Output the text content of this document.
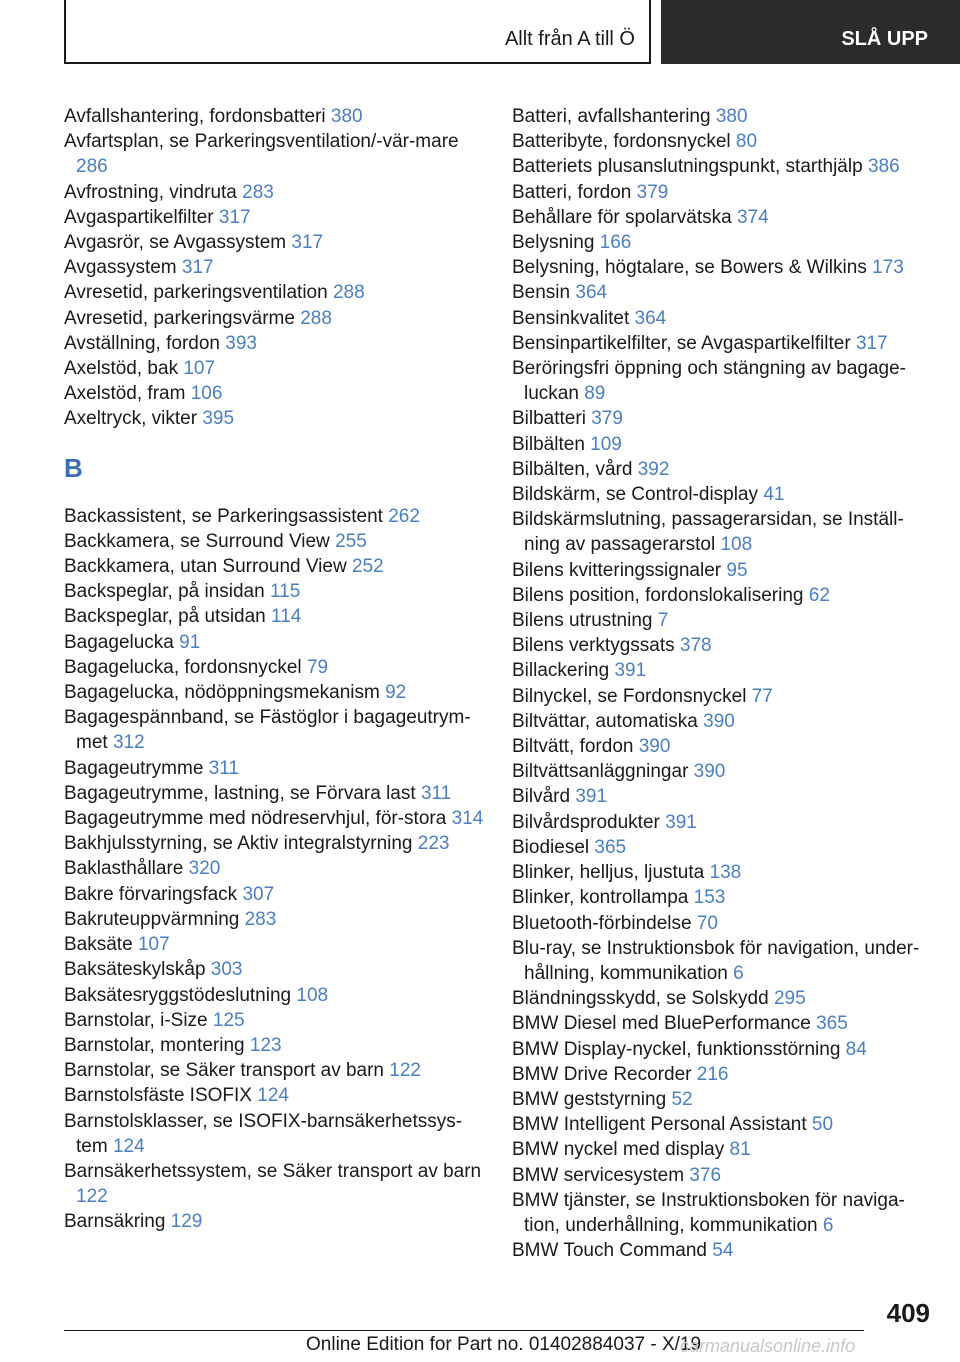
Allt från A till Ö	SLÅ UPP
Avfallshantering, fordonsbatteri 380
Avfartsplan, se Parkeringsventilation/-vär-mare 286
Avfrostning, vindruta 283
Avgaspartikelfilter 317
Avgasrör, se Avgassystem 317
Avgassystem 317
Avresetid, parkeringsventilation 288
Avresetid, parkeringsvärme 288
Avställning, fordon 393
Axelstöd, bak 107
Axelstöd, fram 106
Axeltryck, vikter 395
B
Backassistent, se Parkeringsassistent 262
Backkamera, se Surround View 255
Backkamera, utan Surround View 252
Backspeglar, på insidan 115
Backspeglar, på utsidan 114
Bagagelucka 91
Bagagelucka, fordonsnyckel 79
Bagagelucka, nödöppningsmekanism 92
Bagagespännband, se Fästöglor i bagageutrym-met 312
Bagageutrymme 311
Bagageutrymme, lastning, se Förvara last 311
Bagageutrymme med nödreservhjul, för-stora 314
Bakhjulsstyrning, se Aktiv integralstyrning 223
Baklasthållare 320
Bakre förvaringsfack 307
Bakruteuppvärmning 283
Baksäte 107
Baksäteskylskåp 303
Baksätesryggstödeslutning 108
Barnstolar, i-Size 125
Barnstolar, montering 123
Barnstolar, se Säker transport av barn 122
Barnstolsfäste ISOFIX 124
Barnstolsklasser, se ISOFIX-barnsäkerhetssys-tem 124
Barnsäkerhetssystem, se Säker transport av barn 122
Barnsäkring 129
Batteri, avfallshantering 380
Batteribyte, fordonsnyckel 80
Batteriets plusanslutningspunkt, starthjälp 386
Batteri, fordon 379
Behållare för spolarvätska 374
Belysning 166
Belysning, högtalare, se Bowers & Wilkins 173
Bensin 364
Bensinkvalitet 364
Bensinpartikelfilter, se Avgaspartikelfilter 317
Beröringsfri öppning och stängning av bagage-luckan 89
Bilbatteri 379
Bilbälten 109
Bilbälten, vård 392
Bildskärm, se Control-display 41
Bildskärmslutning, passagerarsidan, se Inställ-ning av passagerarstol 108
Bilens kvitteringssignaler 95
Bilens position, fordonslokalisering 62
Bilens utrustning 7
Bilens verktygssats 378
Billackering 391
Bilnyckel, se Fordonsnyckel 77
Biltvättar, automatiska 390
Biltvätt, fordon 390
Biltvättsanläggningar 390
Bilvård 391
Bilvårdsprodukter 391
Biodiesel 365
Blinker, helljus, ljustuta 138
Blinker, kontrollampa 153
Bluetooth-förbindelse 70
Blu-ray, se Instruktionsbok för navigation, under-hållning, kommunikation 6
Bländningsskydd, se Solskydd 295
BMW Diesel med BluePerformance 365
BMW Display-nyckel, funktionsstörning 84
BMW Drive Recorder 216
BMW geststyrning 52
BMW Intelligent Personal Assistant 50
BMW nyckel med display 81
BMW servicesystem 376
BMW tjänster, se Instruktionsboken för naviga-tion, underhållning, kommunikation 6
BMW Touch Command 54
409
Online Edition for Part no. 01402884037 - X/19
carmanualsonline.info
